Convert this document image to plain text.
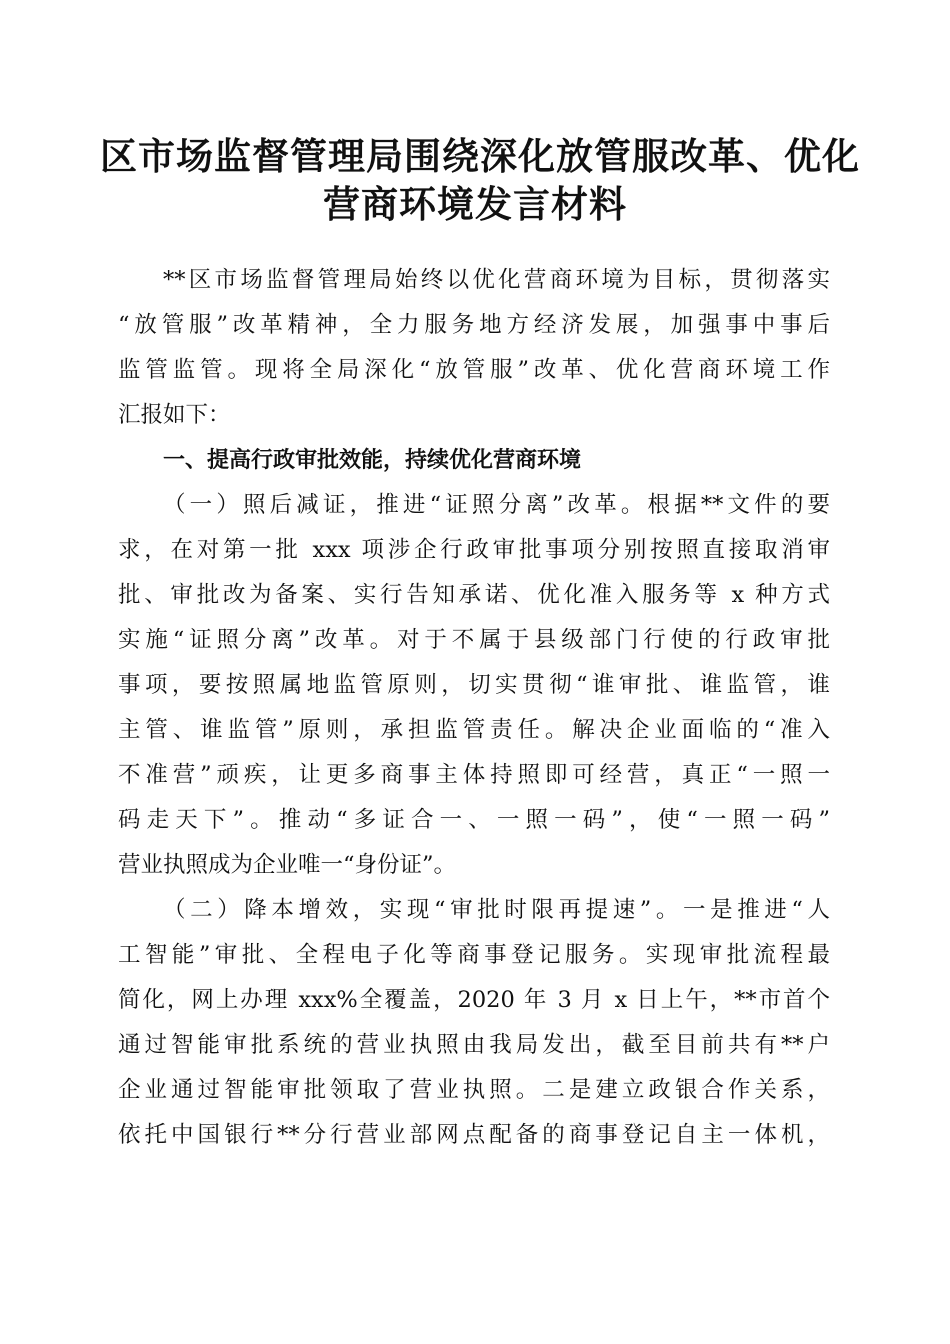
区市场监督管理局围绕深化放管服改革、优化
营商环境发言材料
**区市场监督管理局始终以优化营商环境为目标，贯彻落实
“放管服”改革精神，全力服务地方经济发展，加强事中事后
监管监管。现将全局深化“放管服”改革、优化营商环境工作
汇报如下：
一、提高行政审批效能，持续优化营商环境
（一）照后减证，推进“证照分离”改革。根据**文件的要
求，在对第一批 xxx 项涉企行政审批事项分别按照直接取消审
批、审批改为备案、实行告知承诺、优化准入服务等 x 种方式
实施“证照分离”改革。对于不属于县级部门行使的行政审批
事项，要按照属地监管原则，切实贯彻“谁审批、谁监管，谁
主管、谁监管”原则，承担监管责任。解决企业面临的“准入
不准营”顽疾，让更多商事主体持照即可经营，真正“一照一
码走天下”。推动“多证合一、一照一码”，使“一照一码”
营业执照成为企业唯一“身份证”。
（二）降本增效，实现“审批时限再提速”。一是推进“人
工智能”审批、全程电子化等商事登记服务。实现审批流程最
简化，网上办理 xxx%全覆盖，2020 年 3 月 x 日上午，**市首个
通过智能审批系统的营业执照由我局发出，截至目前共有**户
企业通过智能审批领取了营业执照。二是建立政银合作关系，
依托中国银行**分行营业部网点配备的商事登记自主一体机，
